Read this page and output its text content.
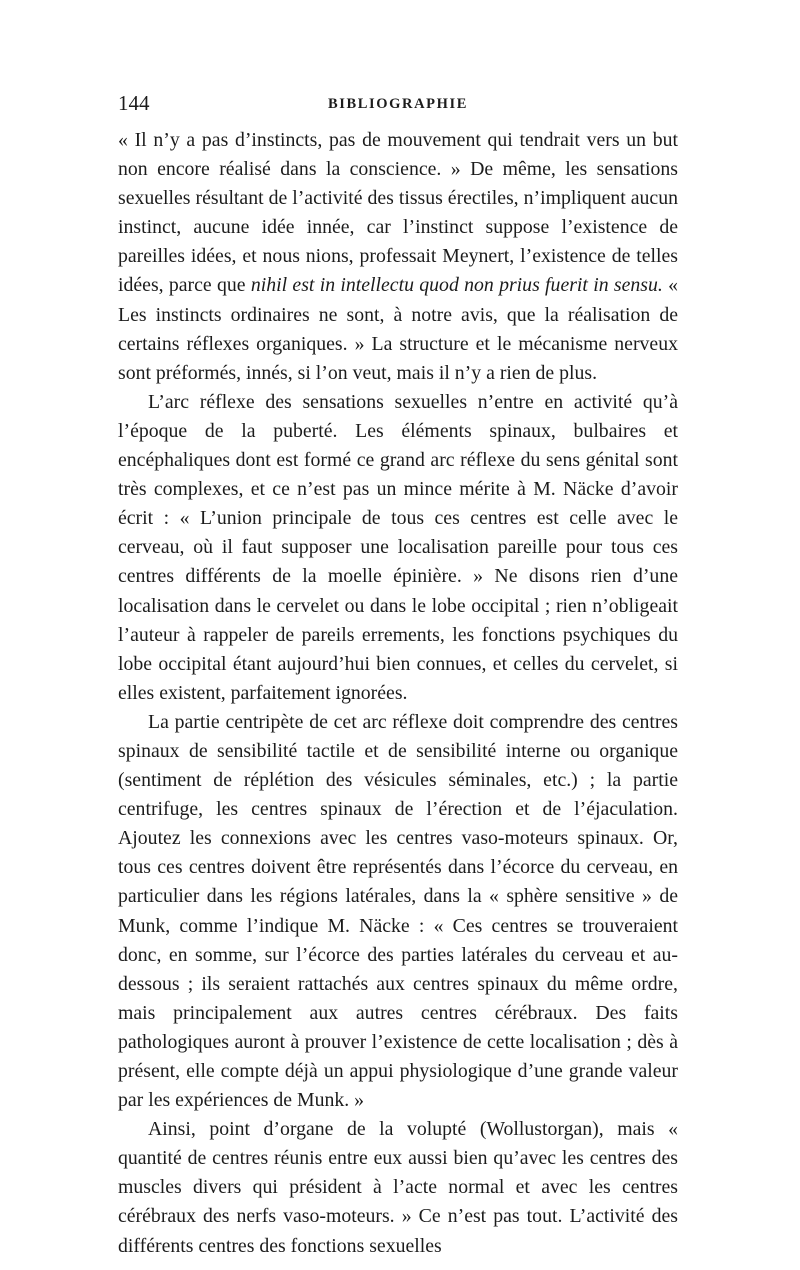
144	BIBLIOGRAPHIE

« Il n’y a pas d’instincts, pas de mouvement qui tendrait vers un but non encore réalisé dans la conscience. » De même, les sensations sexuelles résultant de l’activité des tissus érectiles, n’impliquent aucun instinct, aucune idée innée, car l’instinct suppose l’existence de pareilles idées, et nous nions, professait Meynert, l’existence de telles idées, parce que nihil est in intellectu quod non prius fuerit in sensu. « Les instincts ordinaires ne sont, à notre avis, que la réalisation de certains réflexes organiques. » La structure et le mécanisme nerveux sont préformés, innés, si l’on veut, mais il n’y a rien de plus.

L’arc réflexe des sensations sexuelles n’entre en activité qu’à l’époque de la puberté. Les éléments spinaux, bulbaires et encéphaliques dont est formé ce grand arc réflexe du sens génital sont très complexes, et ce n’est pas un mince mérite à M. Näcke d’avoir écrit : « L’union principale de tous ces centres est celle avec le cerveau, où il faut supposer une localisation pareille pour tous ces centres différents de la moelle épinière. » Ne disons rien d’une localisation dans le cervelet ou dans le lobe occipital ; rien n’obligeait l’auteur à rappeler de pareils errements, les fonctions psychiques du lobe occipital étant aujourd’hui bien connues, et celles du cervelet, si elles existent, parfaitement ignorées.

La partie centripète de cet arc réflexe doit comprendre des centres spinaux de sensibilité tactile et de sensibilité interne ou organique (sentiment de réplétion des vésicules séminales, etc.) ; la partie centrifuge, les centres spinaux de l’érection et de l’éjaculation. Ajoutez les connexions avec les centres vaso-moteurs spinaux. Or, tous ces centres doivent être représentés dans l’écorce du cerveau, en particulier dans les régions latérales, dans la « sphère sensitive » de Munk, comme l’indique M. Näcke : « Ces centres se trouveraient donc, en somme, sur l’écorce des parties latérales du cerveau et au-dessous ; ils seraient rattachés aux centres spinaux du même ordre, mais principalement aux autres centres cérébraux. Des faits pathologiques auront à prouver l’existence de cette localisation ; dès à présent, elle compte déjà un appui physiologique d’une grande valeur par les expériences de Munk. »

Ainsi, point d’organe de la volupté (Wollustorgan), mais « quantité de centres réunis entre eux aussi bien qu’avec les centres des muscles divers qui président à l’acte normal et avec les centres cérébraux des nerfs vaso-moteurs. » Ce n’est pas tout. L’activité des différents centres des fonctions sexuelles
